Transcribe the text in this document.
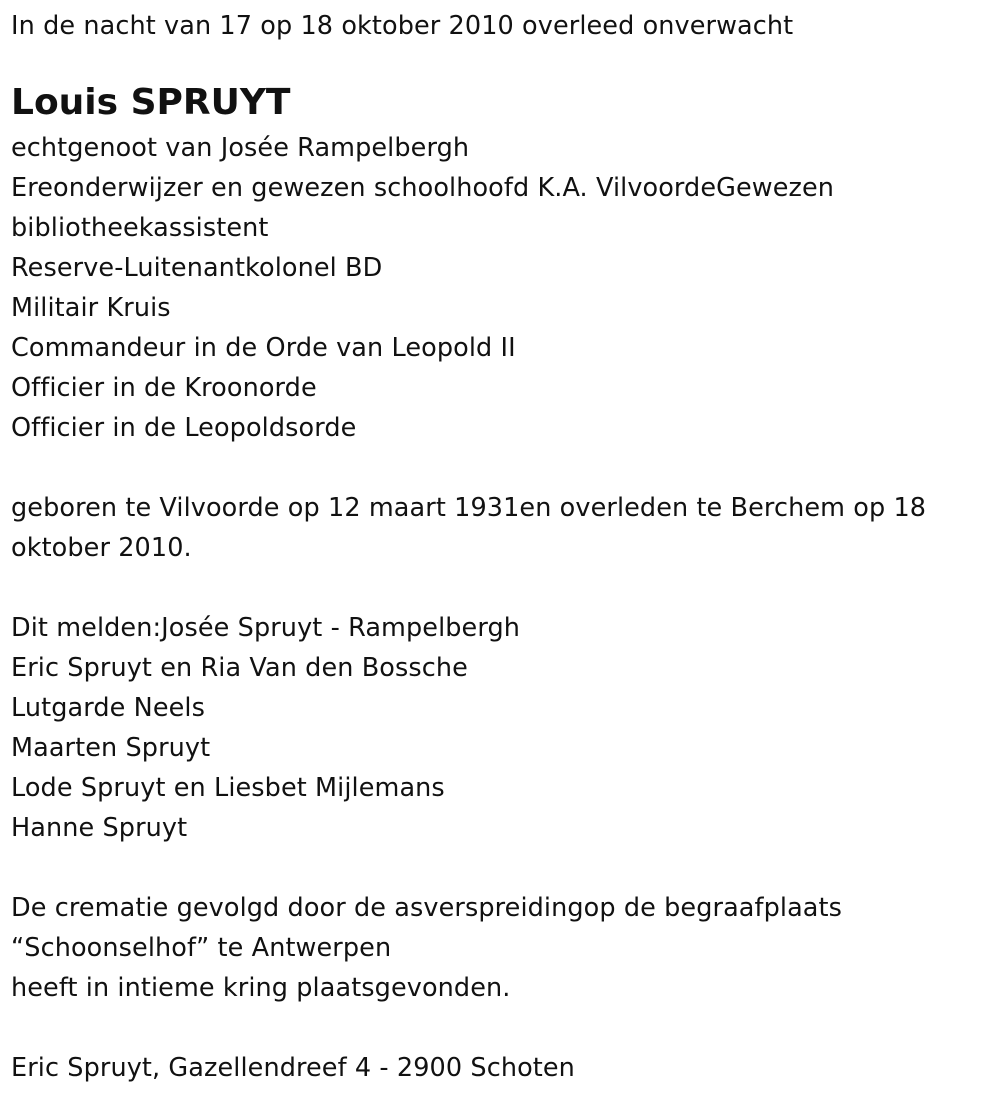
In de nacht van 17 op 18 oktober 2010 overleed onverwacht
Louis SPRUYT
echtgenoot van Josée Rampelbergh
Ereonderwijzer en gewezen schoolhoofd K.A. VilvoordeGewezen
bibliotheekassistent
Reserve-Luitenantkolonel BD
Militair Kruis
Commandeur in de Orde van Leopold II
Officier in de Kroonorde
Officier in de Leopoldsorde
geboren te Vilvoorde op 12 maart 1931en overleden te Berchem op 18
oktober 2010.
Dit melden:Josée Spruyt - Rampelbergh
Eric Spruyt en Ria Van den Bossche
Lutgarde Neels
Maarten Spruyt
Lode Spruyt en Liesbet Mijlemans
Hanne Spruyt
De crematie gevolgd door de asverspreidingop de begraafplaats
“Schoonselhof” te Antwerpen
heeft in intieme kring plaatsgevonden.
Eric Spruyt, Gazellendreef 4 - 2900 Schoten
